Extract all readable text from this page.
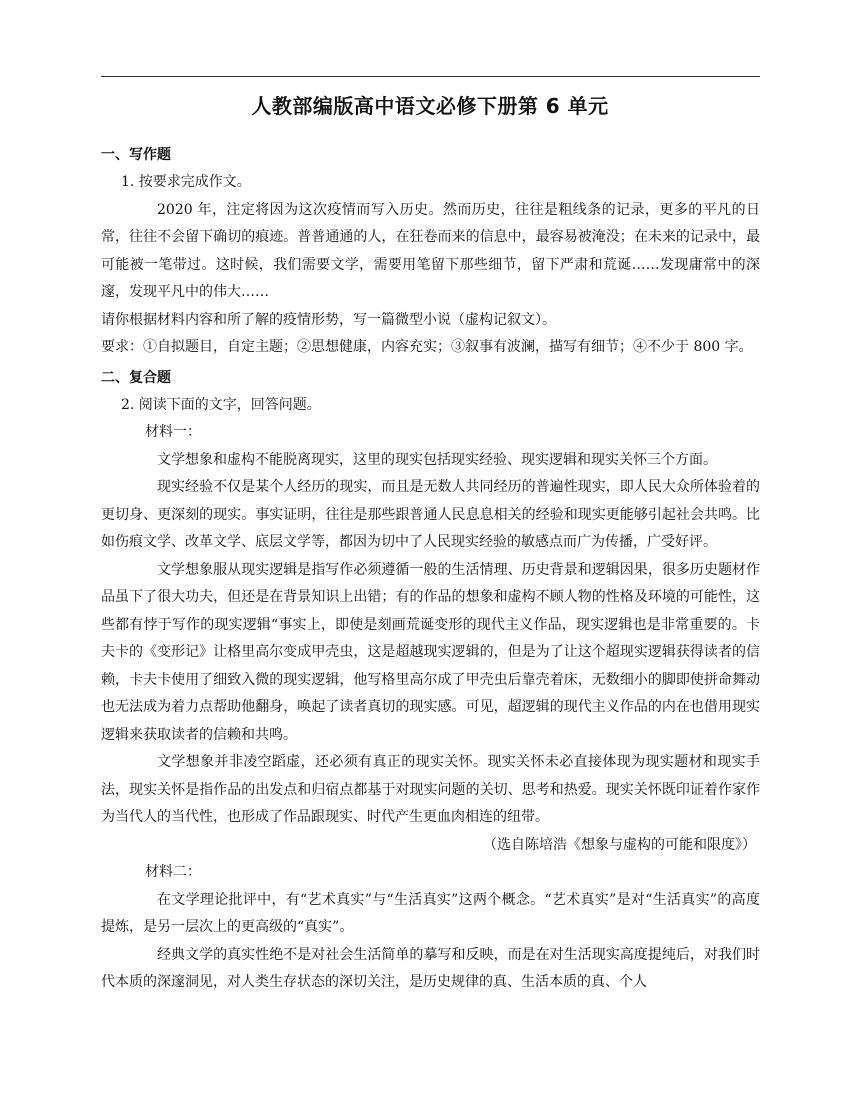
人教部编版高中语文必修下册第 6 单元
一、写作题
1. 按要求完成作文。

2020 年，注定将因为这次疫情而写入历史。然而历史，往往是粗线条的记录，更多的平凡的日常，往往不会留下确切的痕迹。普普通通的人，在狂卷而来的信息中，最容易被淹没；在未来的记录中，最可能被一笔带过。这时候，我们需要文学，需要用笔留下那些细节，留下严肃和荒诞……发现庸常中的深邃，发现平凡中的伟大……

请你根据材料内容和所了解的疫情形势，写一篇微型小说（虚构记叙文）。

要求：①自拟题目，自定主题；②思想健康，内容充实；③叙事有波澜，描写有细节；④不少于 800 字。

二、复合题
2. 阅读下面的文字，回答问题。
材料一：

文学想象和虚构不能脱离现实，这里的现实包括现实经验、现实逻辑和现实关怀三个方面。

现实经验不仅是某个人经历的现实，而且是无数人共同经历的普遍性现实，即人民大众所体验着的更切身、更深刻的现实。事实证明，往往是那些跟普通人民息息相关的经验和现实更能够引起社会共鸣。比如伤痕文学、改革文学、底层文学等，都因为切中了人民现实经验的敏感点而广为传播，广受好评。

文学想象服从现实逻辑是指写作必须遵循一般的生活情理、历史背景和逻辑因果，很多历史题材作品虽下了很大功夫，但还是在背景知识上出错；有的作品的想象和虚构不顾人物的性格及环境的可能性，这些都有悖于写作的现实逻辑“事实上，即使是刻画荒诞变形的现代主义作品，现实逻辑也是非常重要的。卡夫卡的《变形记》让格里高尔变成甲壳虫，这是超越现实逻辑的，但是为了让这个超现实逻辑获得读者的信赖，卡夫卡使用了细致入微的现实逻辑，他写格里高尔成了甲壳虫后靠壳着床，无数细小的脚即使拼命舞动也无法成为着力点帮助他翻身，唤起了读者真切的现实感。可见，超逻辑的现代主义作品的内在也借用现实逻辑来获取读者的信赖和共鸣。

文学想象并非凌空蹈虚，还必须有真正的现实关怀。现实关怀未必直接体现为现实题材和现实手法，现实关怀是指作品的出发点和归宿点都基于对现实问题的关切、思考和热爱。现实关怀既印证着作家作为当代人的当代性，也形成了作品跟现实、时代产生更血肉相连的纽带。

（选自陈培浩《想象与虚构的可能和限度》）
材料二：

在文学理论批评中，有“艺术真实”与“生活真实”这两个概念。“艺术真实”是对“生活真实”的高度提炼，是另一层次上的更高级的“真实”。

经典文学的真实性绝不是对社会生活简单的摹写和反映，而是在对生活现实高度提纯后，对我们时代本质的深邃洞见，对人类生存状态的深切关注，是历史规律的真、生活本质的真、个人
